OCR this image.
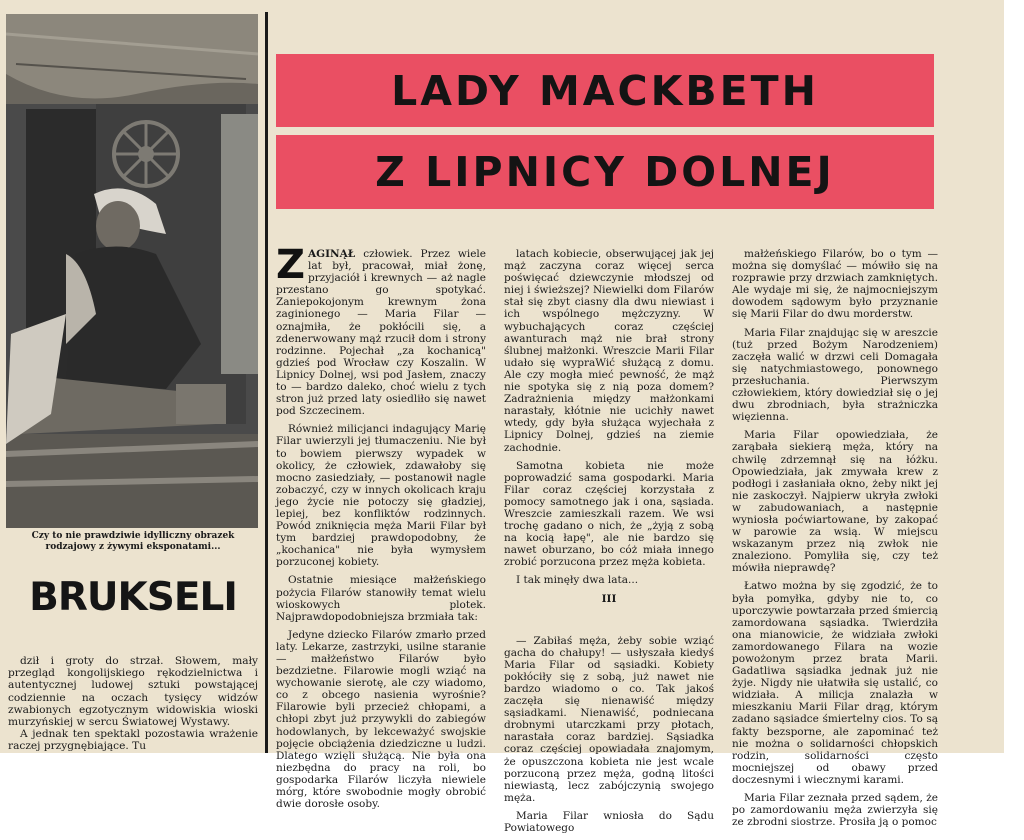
Czy to nie prawdziwie idylliczny obrazek rodzajowy z żywymi eksponatami...
BRUKSELI

dził i groty do strzał. Słowem, mały przegląd kongolijskiego rękodzielnictwa i autentycznej ludowej sztuki powstającej codziennie na oczach tysięcy widzów zwabionych egzotycznym widowiskia wioski murzyńskiej w sercu Światowej Wystawy.

A jednak ten spektakl pozostawia wrażenie raczej przygnębiające. Tu

LADY MACKBETH
Z LIPNICY DOLNEJ

ZAGINĄŁ człowiek. Przez wiele lat był, pracował, miał żonę, przyjaciół i krewnych — aż nagle przestano go spotykać. Zaniepokojonym krewnym żona zaginionego — Maria Filar — oznajmiła, że pokłócili się, a zdenerwowany mąż rzucił dom i strony rodzinne. Pojechał „za kochanicą" gdzieś pod Wrocław czy Koszalin. W Lipnicy Dolnej, wsi pod Jasłem, znaczy to — bardzo daleko, choć wielu z tych stron już przed laty osiedliło się nawet pod Szczecinem.

Również milicjanci indagujący Marię Filar uwierzyli jej tłumaczeniu. Nie był to bowiem pierwszy wypadek w okolicy, że człowiek, zdawałoby się mocno zasiedziały, — postanowił nagle zobaczyć, czy w innych okolicach kraju jego życie nie potoczy się gładziej, lepiej, bez konfliktów rodzinnych. Powód zniknięcia męża Marii Filar był tym bardziej prawdopodobny, że „kochanica" nie była wymysłem porzuconej kobiety.

Ostatnie miesiące małżeńskiego pożycia Filarów stanowiły temat wielu wioskowych plotek. Najprawdopodobniejsza brzmiała tak:

Jedyne dziecko Filarów zmarło przed laty. Lekarze, zastrzyki, usilne staranie — małżeństwo Filarów było bezdzietne. Filarowie mogli wziąć na wychowanie sierotę, ale czy wiadomo, co z obcego nasienia wyrośnie? Filarowie byli przecież chłopami, a chłopi zbyt już przywykli do zabiegów hodowlanych, by lekceważyć swojskie pojęcie obciążenia dziedziczne u ludzi. Dlatego wzięli służącą. Nie była ona niezbędna do pracy na roli, bo gospodarka Filarów liczyła niewiele mórg, które swobodnie mogły obrobić dwie dorosłe osoby.

latach kobiecie, obserwującej jak jej mąż zaczyna coraz więcej serca poświęcać dziewczynie młodszej od niej i świeższej? Niewielki dom Filarów stał się zbyt ciasny dla dwu niewiast i ich wspólnego mężczyzny. W wybuchających coraz częściej awanturach mąż nie brał strony ślubnej małżonki. Wreszcie Marii Filar udało się wypraWić służącą z domu. Ale czy mogła mieć pewność, że mąż nie spotyka się z nią poza domem? Zadrażnienia między małżonkami narastały, kłótnie nie ucichły nawet wtedy, gdy była służąca wyjechała z Lipnicy Dolnej, gdzieś na ziemie zachodnie.

Samotna kobieta nie może poprowadzić sama gospodarki. Maria Filar coraz częściej korzystała z pomocy samotnego jak i ona, sąsiada. Wreszcie zamieszkali razem. We wsi trochę gadano o nich, że „żyją z sobą na kocią łapę", ale nie bardzo się nawet oburzano, bo cóż miała innego zrobić porzucona przez męża kobieta.

I tak minęły dwa lata...

III

— Zabiłaś męża, żeby sobie wziąć gacha do chałupy! — usłyszała kiedyś Maria Filar od sąsiadki. Kobiety pokłóciły się z sobą, już nawet nie bardzo wiadomo o co. Tak jakoś zaczęła się nienawiść między sąsiadkami. Nienawiść, podniecana drobnymi utarczkami przy płotach, narastała coraz bardziej. Sąsiadka coraz częściej opowiadała znajomym, że opuszczona kobieta nie jest wcale porzuconą przez męża, godną litości niewiastą, lecz zabójczynią swojego męża.

Maria Filar wniosła do Sądu Powiatowego

małżeńskiego Filarów, bo o tym — można się domyślać — mówiło się na rozprawie przy drzwiach zamkniętych. Ale wydaje mi się, że najmocniejszym dowodem sądowym było przyznanie się Marii Filar do dwu morderstw.

Maria Filar znajdując się w areszcie (tuż przed Bożym Narodzeniem) zaczęła walić w drzwi celi Domagała się natychmiastowego, ponownego przesłuchania. Pierwszym człowiekiem, który dowiedział się o jej dwu zbrodniach, była strażniczka więzienna.

Maria Filar opowiedziała, że zarąbała siekierą męża, który na chwilę zdrzemnął się na łóżku. Opowiedziała, jak zmywała krew z podłogi i zasłaniała okno, żeby nikt jej nie zaskoczył. Najpierw ukryła zwłoki w zabudowaniach, a następnie wyniosła poćwiartowane, by zakopać w parowie za wsią. W miejscu wskazanym przez nią zwłok nie znaleziono. Pomyliła się, czy też mówiła nieprawdę?

Łatwo można by się zgodzić, że to była pomyłka, gdyby nie to, co uporczywie powtarzała przed śmiercią zamordowana sąsiadka. Twierdziła ona mianowicie, że widziała zwłoki zamordowanego Filara na wozie powożonym przez brata Marii. Gadatliwa sąsiadka jednak już nie żyje. Nigdy nie ułatwiła się ustalić, co widziała. A milicja znalazła w mieszkaniu Marii Filar drąg, którym zadano sąsiadce śmiertelny cios. To są fakty bezsporne, ale zapominać też nie można o solidarności chłopskich rodzin, solidarności często mocniejszej od obawy przed doczesnymi i wiecznymi karami.

Maria Filar zeznała przed sądem, że po zamordowaniu męża zwierzyła się ze zbrodni siostrze. Prosiła ją o pomoc
